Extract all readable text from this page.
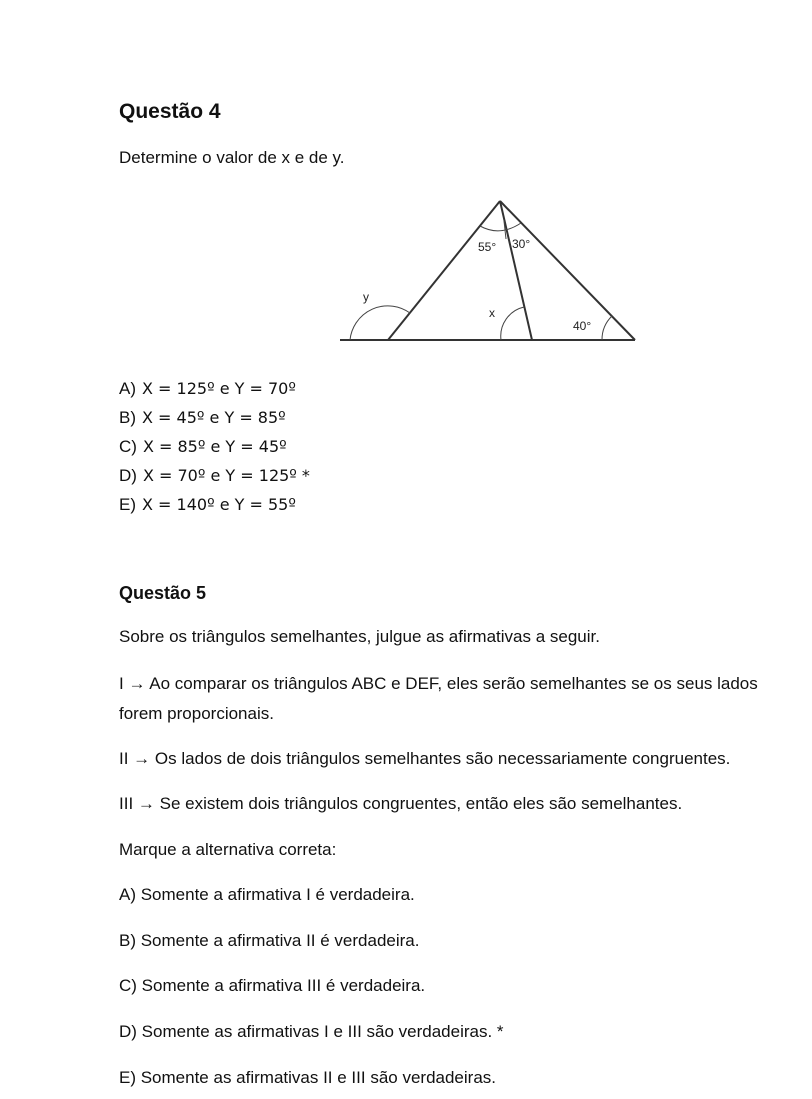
Questão 4
Determine o valor de x e de y.
55° 30°
y
x
40°
A) X = 125º e Y = 70º
B) X = 45º e Y = 85º
C) X = 85º e Y = 45º
D) X = 70º e Y = 125º *
E) X = 140º e Y = 55º
Questão 5
Sobre os triângulos semelhantes, julgue as afirmativas a seguir.
I → Ao comparar os triângulos ABC e DEF, eles serão semelhantes se os seus lados
forem proporcionais.
II → Os lados de dois triângulos semelhantes são necessariamente congruentes.
III → Se existem dois triângulos congruentes, então eles são semelhantes.
Marque a alternativa correta:
A) Somente a afirmativa I é verdadeira.
B) Somente a afirmativa II é verdadeira.
C) Somente a afirmativa III é verdadeira.
D) Somente as afirmativas I e III são verdadeiras. *
E) Somente as afirmativas II e III são verdadeiras.
